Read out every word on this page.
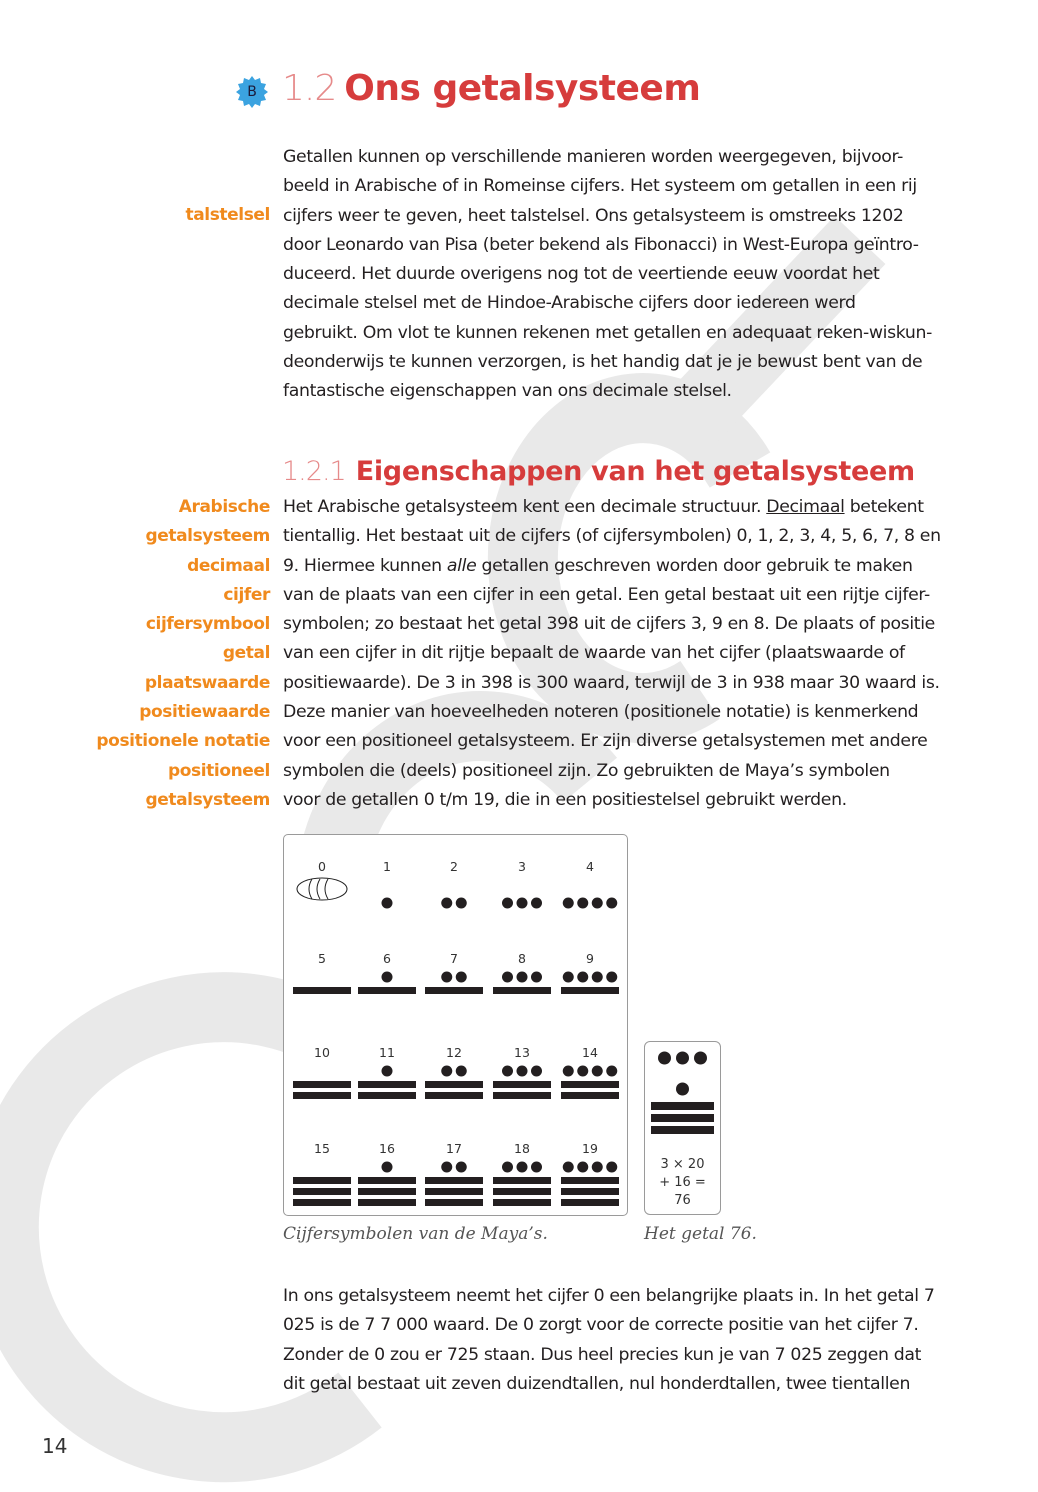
B 1.2 Ons getalsysteem
talstelsel
Getallen kunnen op verschillende manieren worden weergegeven, bijvoor-
beeld in Arabische of in Romeinse cijfers. Het systeem om getallen in een rij
cijfers weer te geven, heet talstelsel. Ons getalsysteem is omstreeks 1202
door Leonardo van Pisa (beter bekend als Fibonacci) in West-Europa geïntro-
duceerd. Het duurde overigens nog tot de veertiende eeuw voordat het
decimale stelsel met de Hindoe-Arabische cijfers door iedereen werd
gebruikt. Om vlot te kunnen rekenen met getallen en adequaat reken-wiskun-
deonderwijs te kunnen verzorgen, is het handig dat je je bewust bent van de
fantastische eigenschappen van ons decimale stelsel.
1.2.1 Eigenschappen van het getalsysteem
Arabische
getalsysteem
decimaal
cijfer
cijfersymbool
getal
plaatswaarde
positiewaarde
positionele notatie
positioneel
getalsysteem
Het Arabische getalsysteem kent een decimale structuur. Decimaal betekent
tientallig. Het bestaat uit de cijfers (of cijfersymbolen) 0, 1, 2, 3, 4, 5, 6, 7, 8 en
9. Hiermee kunnen alle getallen geschreven worden door gebruik te maken
van de plaats van een cijfer in een getal. Een getal bestaat uit een rijtje cijfer-
symbolen; zo bestaat het getal 398 uit de cijfers 3, 9 en 8. De plaats of positie
van een cijfer in dit rijtje bepaalt de waarde van het cijfer (plaatswaarde of
positiewaarde). De 3 in 398 is 300 waard, terwijl de 3 in 938 maar 30 waard is.
Deze manier van hoeveelheden noteren (positionele notatie) is kenmerkend
voor een positioneel getalsysteem. Er zijn diverse getalsystemen met andere
symbolen die (deels) positioneel zijn. Zo gebruikten de Maya’s symbolen
voor de getallen 0 t/m 19, die in een positiestelsel gebruikt werden.
0	1	2	3	4
5	6	7	8	9
10	11	12	13	14
15	16	17	18	19
3 × 20
+ 16 =
76
Cijfersymbolen van de Maya’s.	Het getal 76.
In ons getalsysteem neemt het cijfer 0 een belangrijke plaats in. In het getal 7
025 is de 7 7 000 waard. De 0 zorgt voor de correcte positie van het cijfer 7.
Zonder de 0 zou er 725 staan. Dus heel precies kun je van 7 025 zeggen dat
dit getal bestaat uit zeven duizendtallen, nul honderdtallen, twee tientallen
14
